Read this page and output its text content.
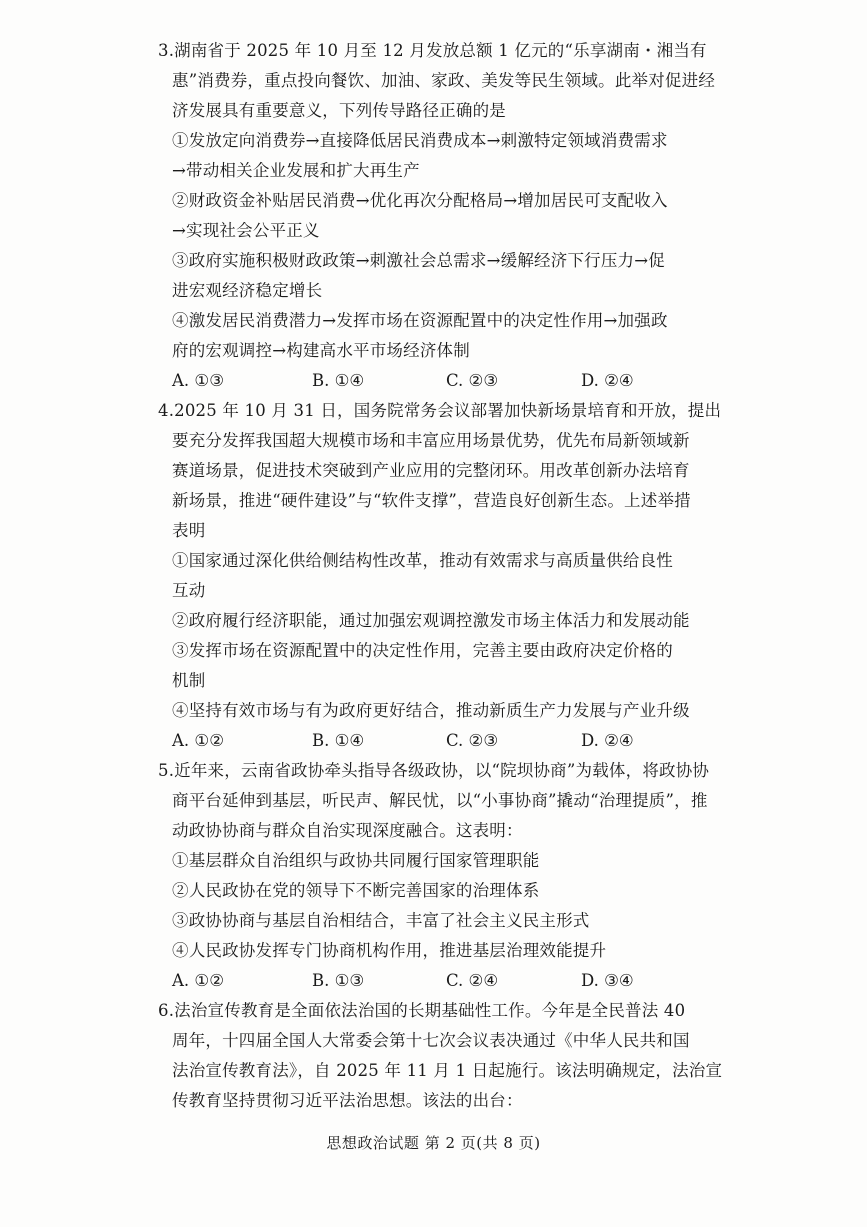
3.湖南省于 2025 年 10 月至 12 月发放总额 1 亿元的“乐享湖南・湘当有
惠”消费券，重点投向餐饮、加油、家政、美发等民生领域。此举对促进经
济发展具有重要意义，下列传导路径正确的是
①发放定向消费券→直接降低居民消费成本→刺激特定领域消费需求
→带动相关企业发展和扩大再生产
②财政资金补贴居民消费→优化再次分配格局→增加居民可支配收入
→实现社会公平正义
③政府实施积极财政政策→刺激社会总需求→缓解经济下行压力→促
进宏观经济稳定增长
④激发居民消费潜力→发挥市场在资源配置中的决定性作用→加强政
府的宏观调控→构建高水平市场经济体制
A. ①③	B. ①④	C. ②③	D. ②④
4.2025 年 10 月 31 日，国务院常务会议部署加快新场景培育和开放，提出
要充分发挥我国超大规模市场和丰富应用场景优势，优先布局新领域新
赛道场景，促进技术突破到产业应用的完整闭环。用改革创新办法培育
新场景，推进“硬件建设”与“软件支撑”，营造良好创新生态。上述举措
表明
①国家通过深化供给侧结构性改革，推动有效需求与高质量供给良性
互动
②政府履行经济职能，通过加强宏观调控激发市场主体活力和发展动能
③发挥市场在资源配置中的决定性作用，完善主要由政府决定价格的
机制
④坚持有效市场与有为政府更好结合，推动新质生产力发展与产业升级
A. ①②	B. ①④	C. ②③	D. ②④
5.近年来，云南省政协牵头指导各级政协，以“院坝协商”为载体，将政协协
商平台延伸到基层，听民声、解民忧，以“小事协商”撬动“治理提质”，推
动政协协商与群众自治实现深度融合。这表明：
①基层群众自治组织与政协共同履行国家管理职能
②人民政协在党的领导下不断完善国家的治理体系
③政协协商与基层自治相结合，丰富了社会主义民主形式
④人民政协发挥专门协商机构作用，推进基层治理效能提升
A. ①②	B. ①③	C. ②④	D. ③④
6.法治宣传教育是全面依法治国的长期基础性工作。今年是全民普法 40
周年，十四届全国人大常委会第十七次会议表决通过《中华人民共和国
法治宣传教育法》，自 2025 年 11 月 1 日起施行。该法明确规定，法治宣
传教育坚持贯彻习近平法治思想。该法的出台：
思想政治试题 第 2 页(共 8 页)
